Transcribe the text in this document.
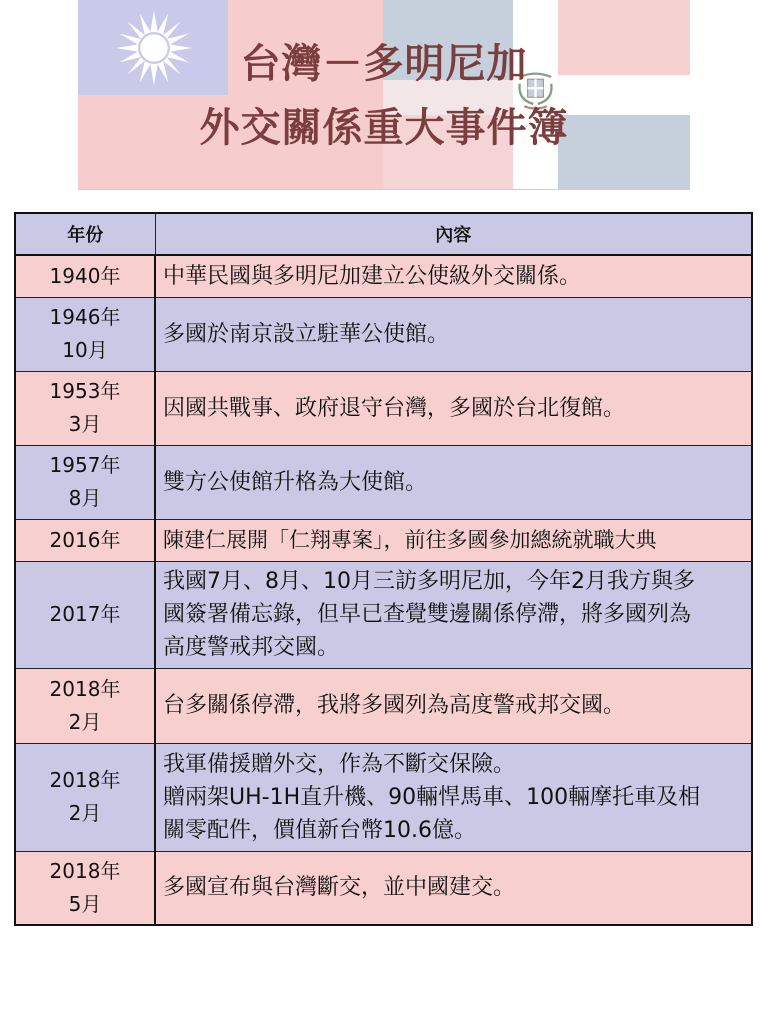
台灣－多明尼加
外交關係重大事件簿
年份	內容
1940年	中華民國與多明尼加建立公使級外交關係。
1946年
10月	多國於南京設立駐華公使館。
1953年
3月	因國共戰事、政府退守台灣，多國於台北復館。
1957年
8月	雙方公使館升格為大使館。
2016年	陳建仁展開「仁翔專案」，前往多國參加總統就職大典
2017年	我國7月、8月、10月三訪多明尼加，今年2月我方與多
國簽署備忘錄，但早已查覺雙邊關係停滯，將多國列為
高度警戒邦交國。
2018年
2月	台多關係停滯，我將多國列為高度警戒邦交國。
2018年
2月	我軍備援贈外交，作為不斷交保險。
贈兩架UH-1H直升機、90輛悍馬車、100輛摩托車及相
關零配件，價值新台幣10.6億。
2018年
5月	多國宣布與台灣斷交，並中國建交。
